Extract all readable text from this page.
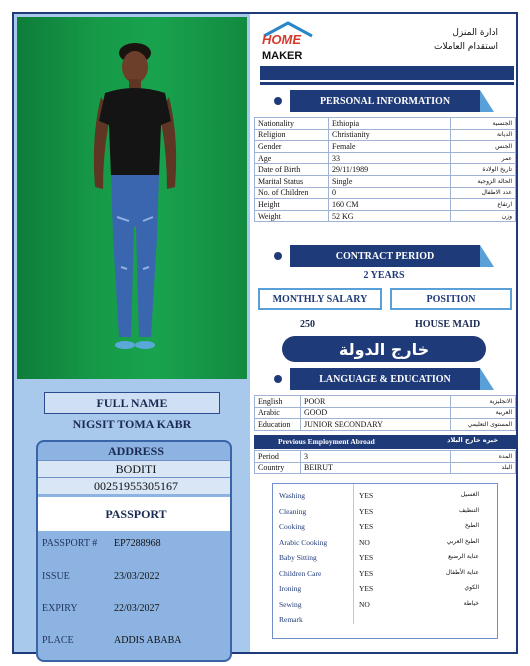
FULL NAME
NIGSIT TOMA KABR
ADDRESS
BODITI
00251955305167
PASSPORT
PASSPORT # EP7288968
ISSUE	23/03/2022
EXPIRY	22/03/2027
PLACE	ADDIS ABABA
HOME
MAKER
ادارة المنزل
استقدام العاملات
PERSONAL INFORMATION
Nationality	Ethiopia	الجنسية
Religion	Christianity	الديانة
Gender	Female	الجنس
Age	33	عمر
Date of Birth	29/11/1989	تاريخ الولادة
Marital Status	Single	الحالة الزوجية
No. of Children	0	عدد الاطفال
Height	160 CM	ارتفاع
Weight	52 KG	وزن
CONTRACT PERIOD
2 YEARS
MONTHLY SALARY	POSITION
250	HOUSE MAID
خارج الدولة
LANGUAGE & EDUCATION
English	POOR	الانجليزية
Arabic	GOOD	العربية
Education	JUNIOR SECONDARY	المستوى التعليمي
Previous Employment Abroad	خبره خارج البلاد
Period	3	المده
Country	BEIRUT	البلد
Washing	YES	الغسيل
Cleaning	YES	التنظيف
Cooking	YES	الطبخ
Arabic Cooking	NO	الطبخ العربي
Baby Sitting	YES	عناية الرضيع
Children Care	YES	عناية الأطفال
Ironing	YES	الكوي
Sewing	NO	خياطة
Remark
